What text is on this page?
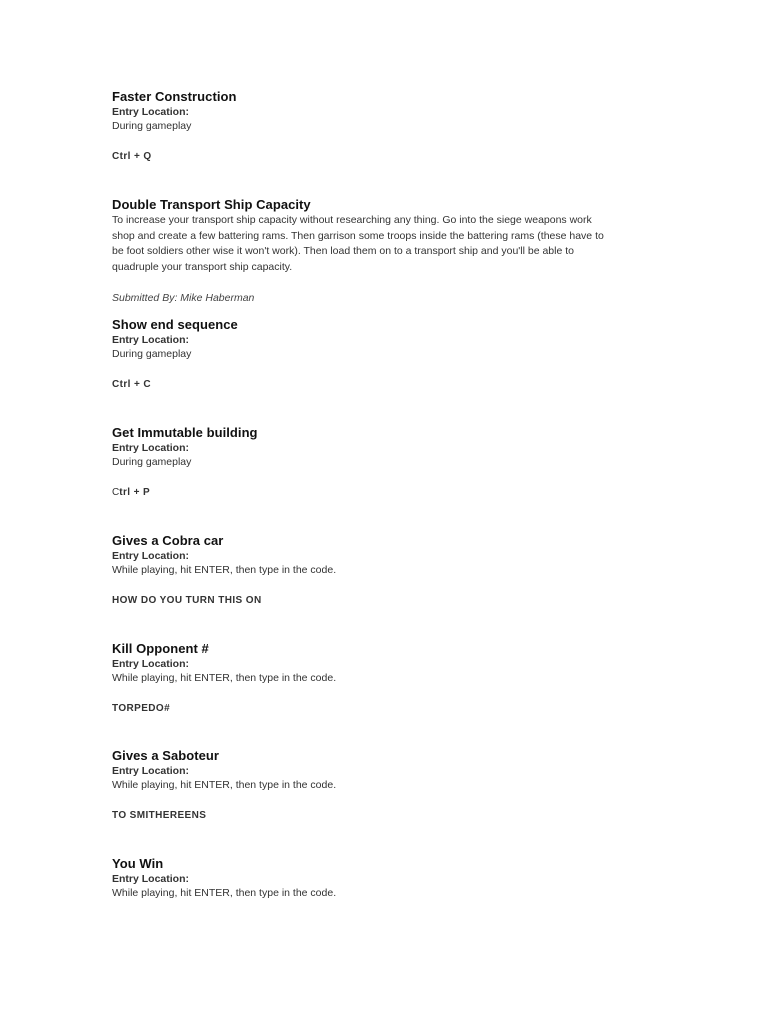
Faster Construction

Entry Location:

During gameplay

Ctrl + Q

Double Transport Ship Capacity

To increase your transport ship capacity without researching any thing. Go into the siege weapons work

shop and create a few battering rams. Then garrison some troops inside the battering rams (these have to

be foot soldiers other wise it won't work). Then load them on to a transport ship and you'll be able to

quadruple your transport ship capacity.

Submitted By: Mike Haberman

Show end sequence

Entry Location:

During gameplay

Ctrl + C

Get Immutable building

Entry Location:

During gameplay

Ctrl + P

Gives a Cobra car

Entry Location:

While playing, hit ENTER, then type in the code.

HOW DO YOU TURN THIS ON

Kill Opponent #

Entry Location:

While playing, hit ENTER, then type in the code.

TORPEDO#

Gives a Saboteur

Entry Location:

While playing, hit ENTER, then type in the code.

TO SMITHEREENS

You Win

Entry Location:

While playing, hit ENTER, then type in the code.
